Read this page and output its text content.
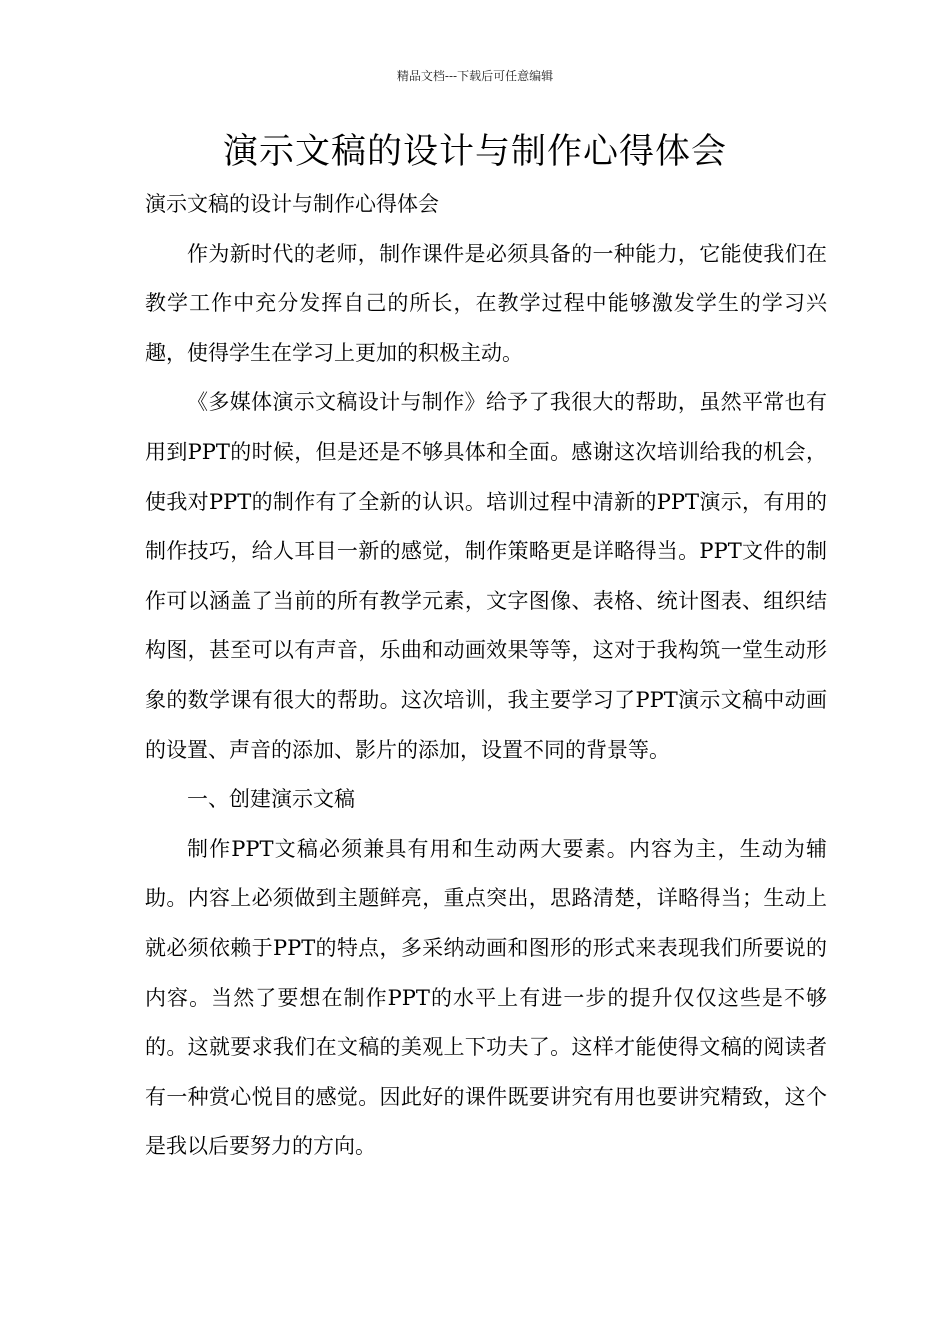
精品文档---下载后可任意编辑
演示文稿的设计与制作心得体会

演示文稿的设计与制作心得体会

作为新时代的老师，制作课件是必须具备的一种能力，它能使我们在教学工作中充分发挥自己的所长，在教学过程中能够激发学生的学习兴趣，使得学生在学习上更加的积极主动。

《多媒体演示文稿设计与制作》给予了我很大的帮助，虽然平常也有用到PPT的时候，但是还是不够具体和全面。感谢这次培训给我的机会，使我对PPT的制作有了全新的认识。培训过程中清新的PPT演示，有用的制作技巧，给人耳目一新的感觉，制作策略更是详略得当。PPT文件的制作可以涵盖了当前的所有教学元素，文字图像、表格、统计图表、组织结构图，甚至可以有声音，乐曲和动画效果等等，这对于我构筑一堂生动形象的数学课有很大的帮助。这次培训，我主要学习了PPT演示文稿中动画的设置、声音的添加、影片的添加，设置不同的背景等。

一、创建演示文稿

制作PPT文稿必须兼具有用和生动两大要素。内容为主，生动为辅助。内容上必须做到主题鲜亮，重点突出，思路清楚，详略得当；生动上就必须依赖于PPT的特点，多采纳动画和图形的形式来表现我们所要说的内容。当然了要想在制作PPT的水平上有进一步的提升仅仅这些是不够的。这就要求我们在文稿的美观上下功夫了。这样才能使得文稿的阅读者有一种赏心悦目的感觉。因此好的课件既要讲究有用也要讲究精致，这个是我以后要努力的方向。
